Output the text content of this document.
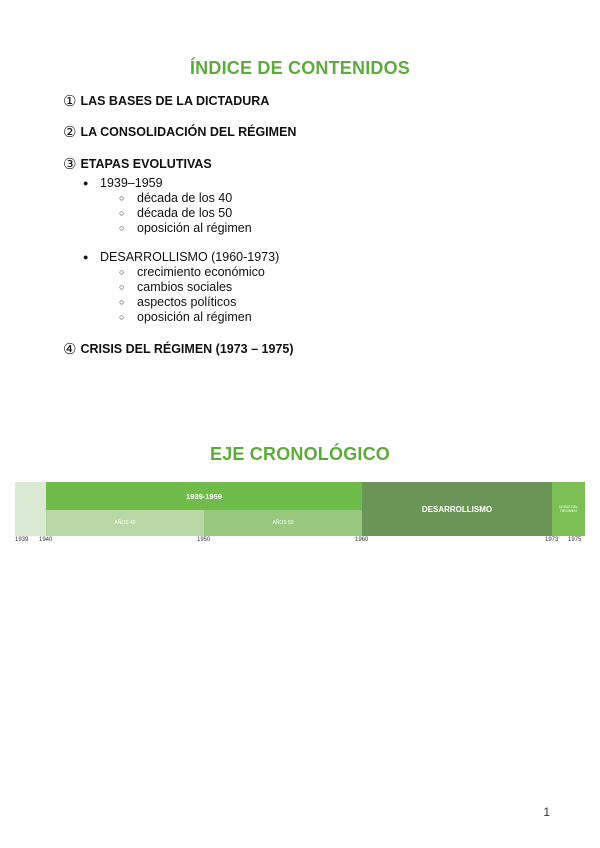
ÍNDICE DE CONTENIDOS
① LAS BASES DE LA DICTADURA
② LA CONSOLIDACIÓN DEL RÉGIMEN
③ ETAPAS EVOLUTIVAS
● 1939–1959
○	década de los 40
○	década de los 50
○	oposición al régimen
● DESARROLLISMO (1960-1973)
○	crecimiento económico
○	cambios sociales
○	aspectos políticos
○	oposición al régimen
④ CRISIS DEL RÉGIMEN (1973 – 1975)
EJE CRONOLÓGICO
1939-1959
AÑOS 40	AÑOS 50
DESARROLLISMO	CRISIS DEL RÉGIMEN
1939 1940	1950	1960	1973 1975
1
